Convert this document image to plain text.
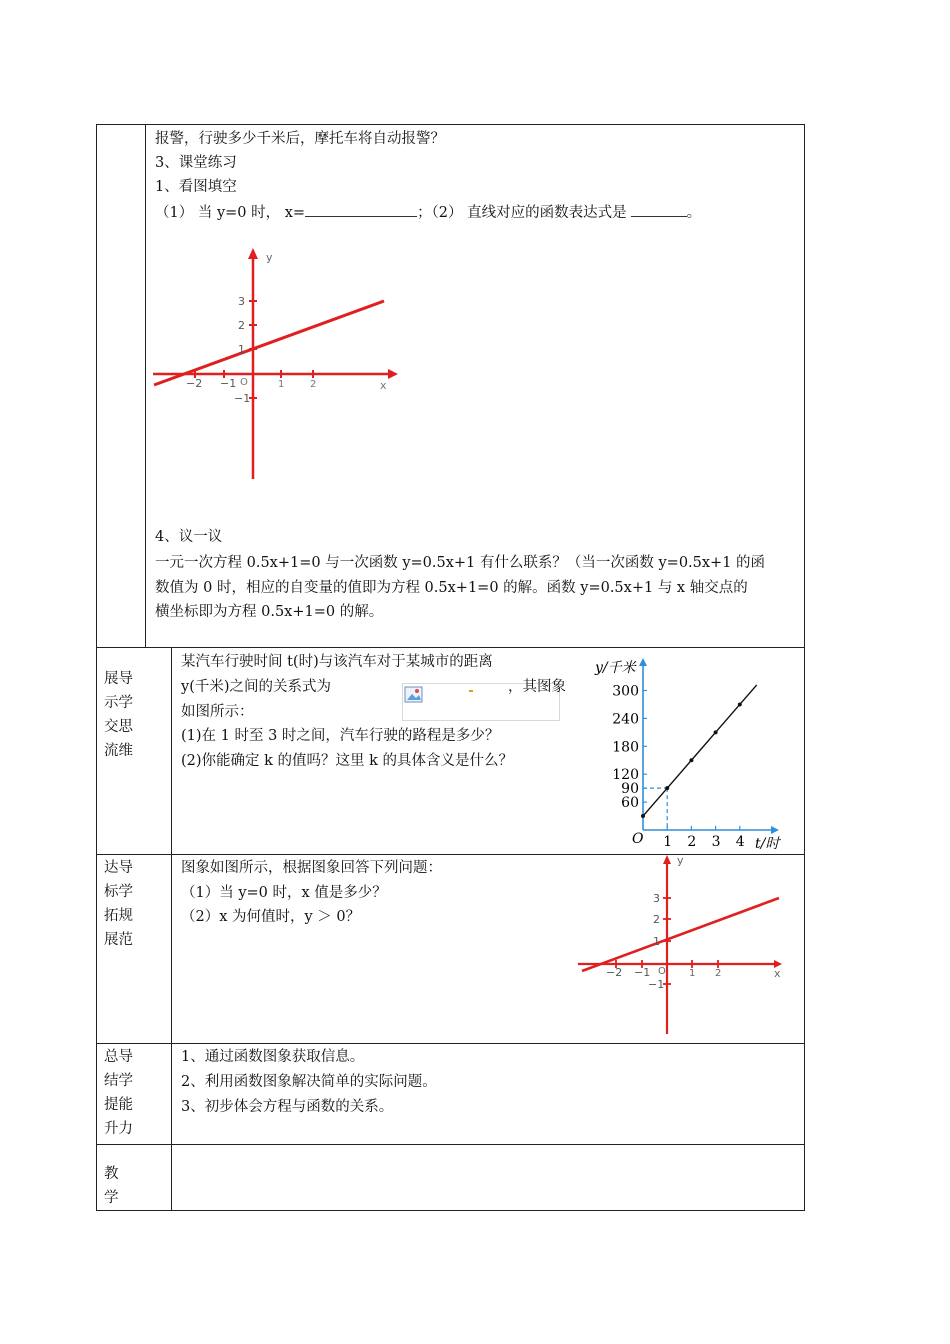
报警，行驶多少千米后，摩托车将自动报警？
3、课堂练习
1、看图填空
（1） 当 y=0 时， x=	；（2） 直线对应的函数表达式是	。
y
x
−2 −1	1	2
3
2
1
−1
O
4、议一议
一元一次方程 0.5x+1=0 与一次函数 y=0.5x+1 有什么联系？（当一次函数 y=0.5x+1 的函
数值为 0 时，相应的自变量的值即为方程 0.5x+1=0 的解。函数 y=0.5x+1 与 x 轴交点的
横坐标即为方程 0.5x+1=0 的解。
展导
示学
交思
流维
某汽车行驶时间 t(时)与该汽车对于某城市的距离
y(千米)之间的关系式为	，其图象
如图所示：
(1)在 1 时至 3 时之间，汽车行驶的路程是多少？
(2)你能确定 k 的值吗？这里 k 的具体含义是什么？
y/千米
t/时
O 1 2 3 4
60
90
120
180
240
300
达导
标学
拓规
展范
图象如图所示，根据图象回答下列问题：
（1）当 y=0 时，x 值是多少？
（2）x 为何值时，y ＞ 0？
y
x
−2 −1	1 2
3
2
1
−1
O
总导
结学
提能
升力
1、通过函数图象获取信息。
2、利用函数图象解决简单的实际问题。
3、初步体会方程与函数的关系。
教
学
